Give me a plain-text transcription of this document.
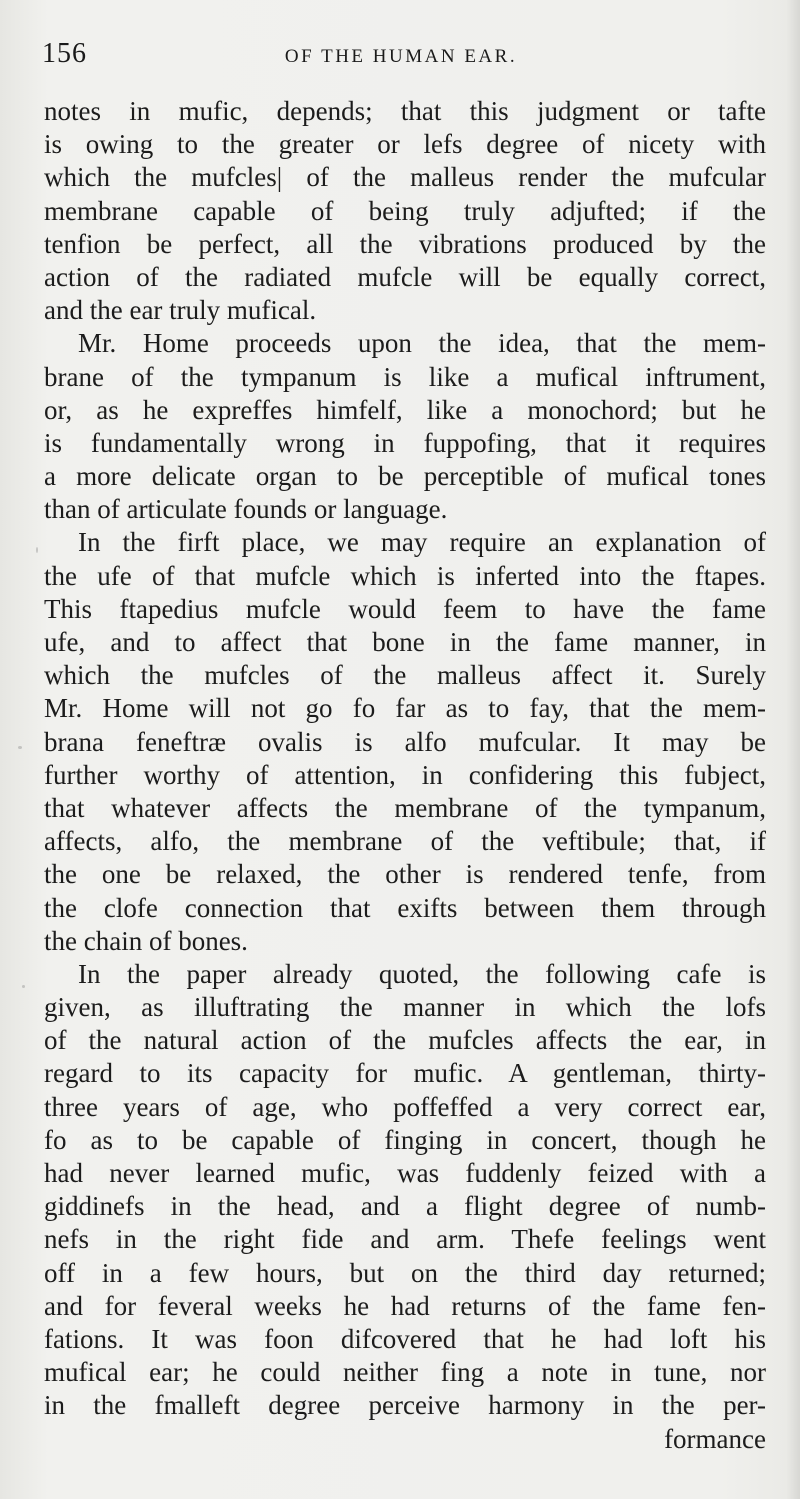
156	OF THE HUMAN EAR.
notes in mufic, depends; that this judgment or tafte
is owing to the greater or lefs degree of nicety with
which the mufcles| of the malleus render the mufcular
membrane capable of being truly adjufted; if the
tenfion be perfect, all the vibrations produced by the
action of the radiated mufcle will be equally correct,
and the ear truly mufical.
Mr. Home proceeds upon the idea, that the mem-
brane of the tympanum is like a mufical inftrument,
or, as he expreffes himfelf, like a monochord; but he
is fundamentally wrong in fuppofing, that it requires
a more delicate organ to be perceptible of mufical tones
than of articulate founds or language.
In the firft place, we may require an explanation of
the ufe of that mufcle which is inferted into the ftapes.
This ftapedius mufcle would feem to have the fame
ufe, and to affect that bone in the fame manner, in
which the mufcles of the malleus affect it. Surely
Mr. Home will not go fo far as to fay, that the mem-
brana feneftræ ovalis is alfo mufcular. It may be
further worthy of attention, in confidering this fubject,
that whatever affects the membrane of the tympanum,
affects, alfo, the membrane of the veftibule; that, if
the one be relaxed, the other is rendered tenfe, from
the clofe connection that exifts between them through
the chain of bones.
In the paper already quoted, the following cafe is
given, as illuftrating the manner in which the lofs
of the natural action of the mufcles affects the ear, in
regard to its capacity for mufic. A gentleman, thirty-
three years of age, who poffeffed a very correct ear,
fo as to be capable of finging in concert, though he
had never learned mufic, was fuddenly feized with a
giddinefs in the head, and a flight degree of numb-
nefs in the right fide and arm. Thefe feelings went
off in a few hours, but on the third day returned;
and for feveral weeks he had returns of the fame fen-
fations. It was foon difcovered that he had loft his
mufical ear; he could neither fing a note in tune, nor
in the fmalleft degree perceive harmony in the per-
formance
